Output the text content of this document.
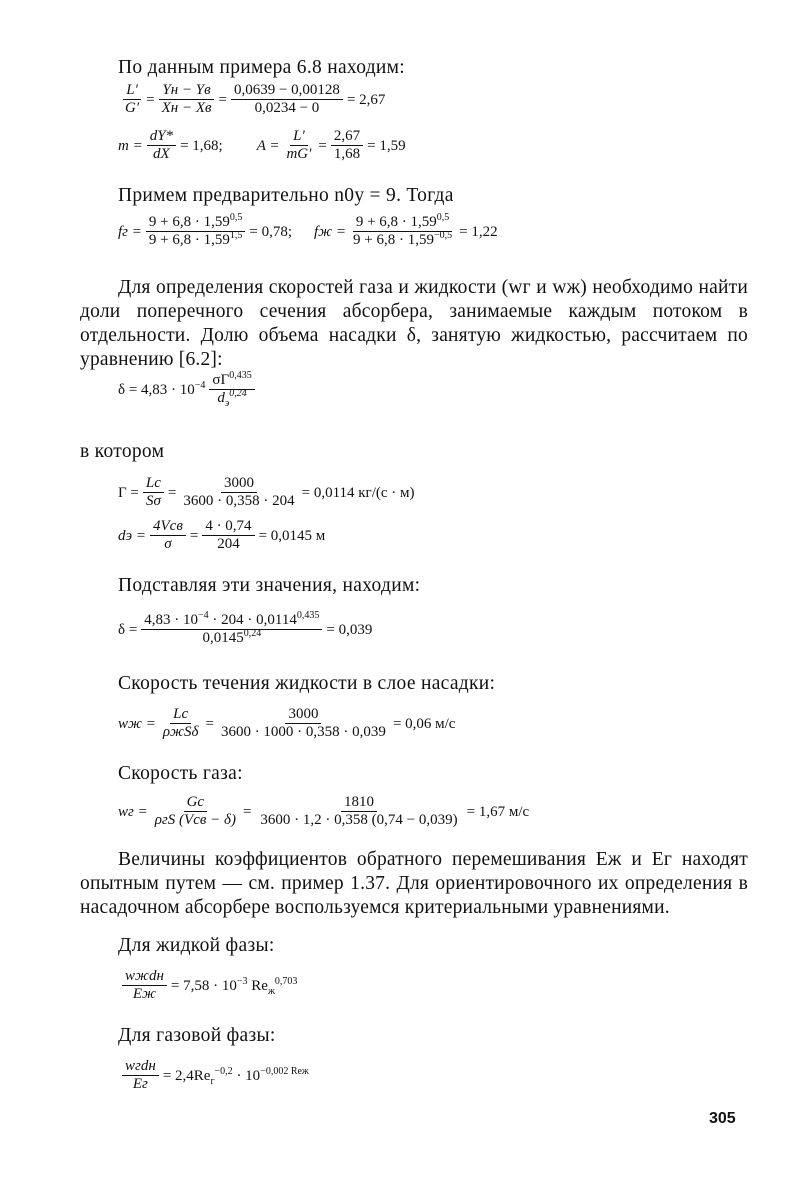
По данным примера 6.8 находим:
$\frac{L'}{G'} = \frac{Yн - Yв}{Xн - Xв} = \frac{0,0639 - 0,00128}{0,0234 - 0} = 2,67$
$m = \frac{dY*}{dX} = 1,68$; $A = \frac{L'}{mG'} = \frac{2,67}{1,68} = 1,59$
Примем предварительно n0y = 9. Тогда
fг = $\frac{9 + 6,8 \cdot 1,59^{0,5}}{9 + 6,8 \cdot 1,59^{1,5}} = 0,78$; fж = $\frac{9 + 6,8 \cdot 1,59^{0,5}}{9 + 6,8 \cdot 1,59^{-0,5}} = 1,22$
Для определения скоростей газа и жидкости (wг и wж) необходимо найти доли поперечного сечения абсорбера, занимаемые каждым потоком в отдельности. Долю объема насадки δ, занятую жидкостью, рассчитаем по уравнению [6.2]:
$\delta = 4,83 \cdot 10^{-4} \frac{\sigma\Gamma^{0,435}}{d_э^{0,24}}$
в котором
$\Gamma = \frac{Lc}{S\sigma} = \frac{3000}{3600 \cdot 0,358 \cdot 204} = 0,0114$ кг/(с · м)
dэ = $\frac{\text{4Vсв}}{\sigma} = \frac{4 \cdot 0,74}{204} = 0,0145$ м
Подставляя эти значения, находим:
$\delta = \frac{4,83 \cdot 10^{-4} \cdot 204 \cdot 0,0114^{0,435}}{0,0145^{0,24}} = 0,039$
Скорость течения жидкости в слое насадки:
wж = $\frac{Lc}{\text{ρжSδ}} = \frac{3000}{3600 \cdot 1000 \cdot 0,358 \cdot 0,039} = 0,06$ м/с
Скорость газа:
wг = $\frac{Gc}{\text{ρгS (Vсв − δ)}} = \frac{1810}{3600 \cdot 1,2 \cdot 0,358 (0,74 - 0,039)} = 1,67$ м/с
Величины коэффициентов обратного перемешивания Eж и Eг находят опытным путем — см. пример 1.37. Для ориентировочного их определения в насадочном абсорбере воспользуемся критериальными уравнениями.
Для жидкой фазы:
$\frac{\text{wжdн}}{Eж} = 7,58 \cdot 10^{-3}$ $Re_ж^{0,703}$
Для газовой фазы:
$\frac{\text{wгdн}}{Eг} = 2,4Re_г^{-0,2} \cdot 10^{-0,002 Reж}$
305
